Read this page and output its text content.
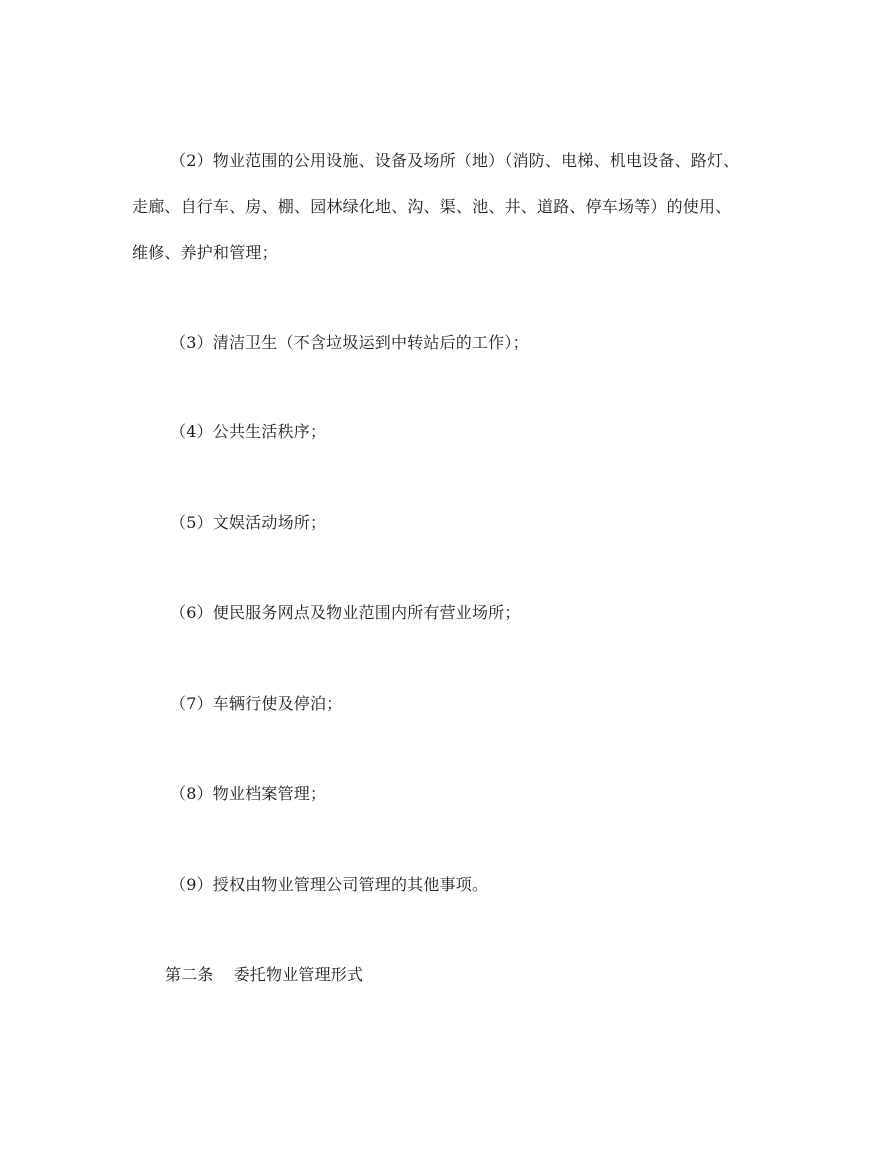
（2）物业范围的公用设施、设备及场所（地）（消防、电梯、机电设备、路灯、
走廊、自行车、房、棚、园林绿化地、沟、渠、池、井、道路、停车场等）的使用、
维修、养护和管理；

（3）清洁卫生（不含垃圾运到中转站后的工作）；

（4）公共生活秩序；

（5）文娱活动场所；

（6）便民服务网点及物业范围内所有营业场所；

（7）车辆行使及停泊；

（8）物业档案管理；

（9）授权由物业管理公司管理的其他事项。

第二条 委托物业管理形式
